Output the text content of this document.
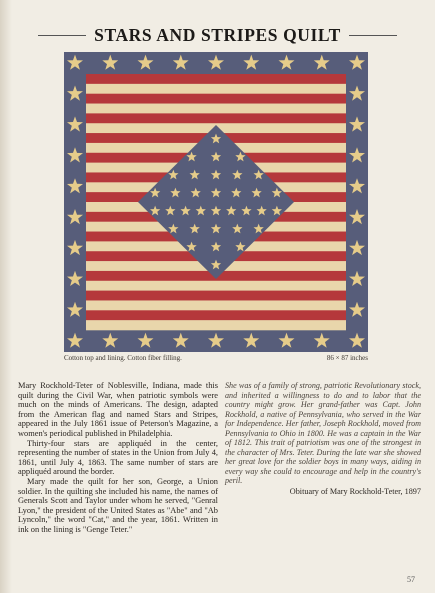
STARS AND STRIPES QUILT
Cotton top and lining. Cotton fiber filling.	86 × 87 inches

Mary Rockhold-Teter of Noblesville, Indiana, made this quilt during the Civil War, when patriotic symbols were much on the minds of Americans. The design, adapted from the American flag and named Stars and Stripes, appeared in the July 1861 issue of Peterson's Magazine, a women's periodical published in Philadelphia.

Thirty-four stars are appliquéd in the center, representing the number of states in the Union from July 4, 1861, until July 4, 1863. The same number of stars are appliquéd around the border.

Mary made the quilt for her son, George, a Union soldier. In the quilting she included his name, the names of Generals Scott and Taylor under whom he served, "Genral Lyon," the president of the United States as "Abe" and "Ab Lyncoln," the word "Cat," and the year, 1861. Written in ink on the lining is "Genge Teter."

She was of a family of strong, patriotic Revolutionary stock, and inherited a willingness to do and to labor that the country might grow. Her grand-father was Capt. John Rockhold, a native of Pennsylvania, who served in the War for Independence. Her father, Joseph Rockhold, moved from Pennsylvania to Ohio in 1800. He was a captain in the War of 1812. This trait of patriotism was one of the strongest in the character of Mrs. Teter. During the late war she showed her great love for the soldier boys in many ways, aiding in every way she could to encourage and help in the country's peril.

Obituary of Mary Rockhold-Teter, 1897
57
